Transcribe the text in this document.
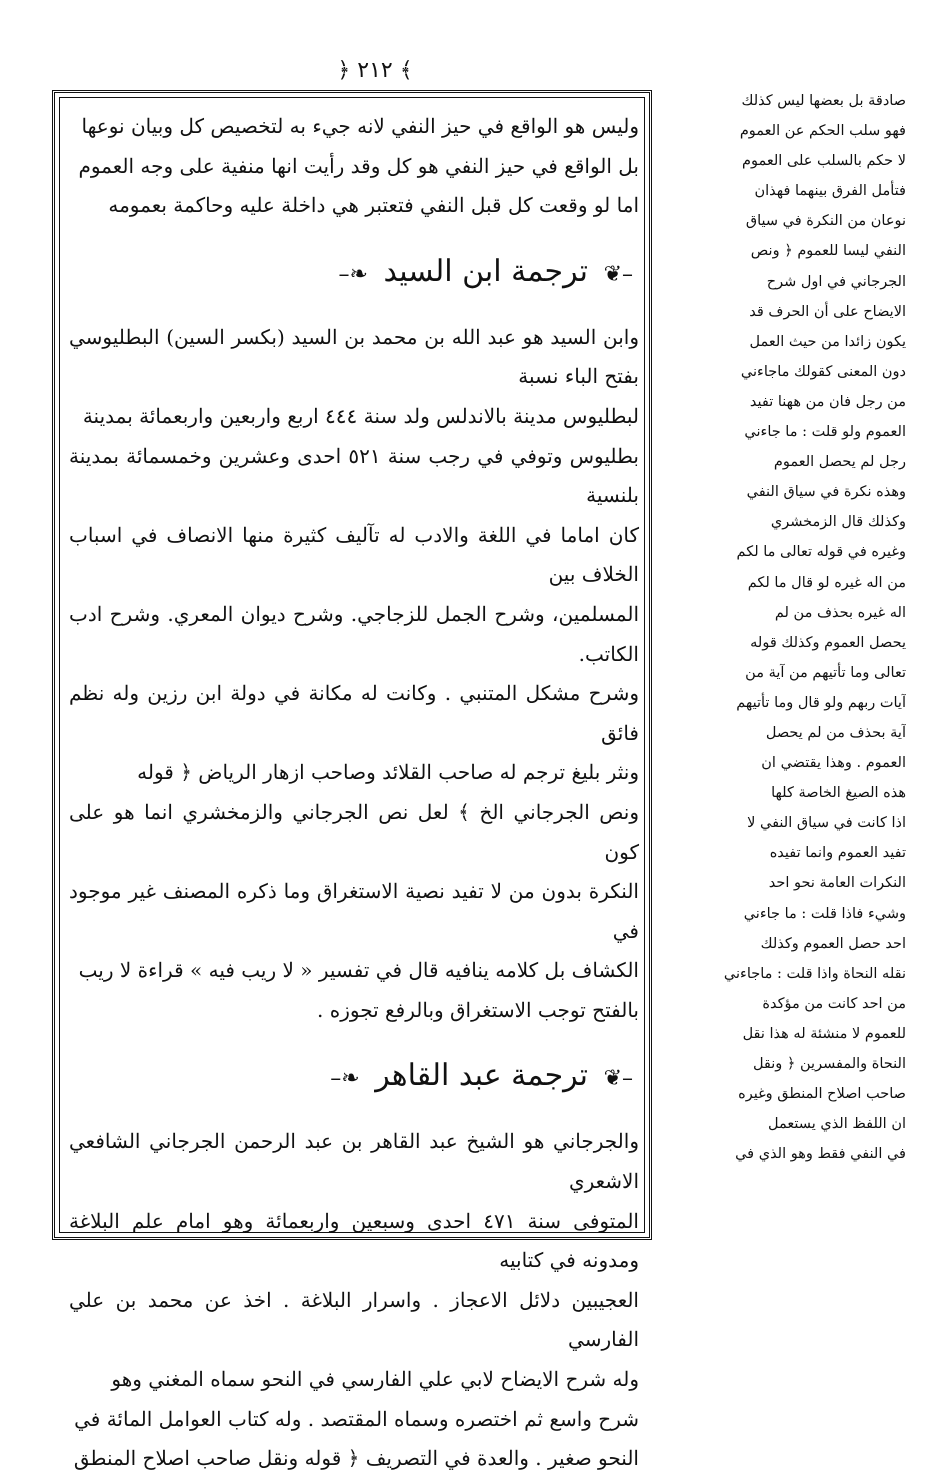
﴾ ٢١٢ ﴿

وليس هو الواقع في حيز النفي لانه جيء به لتخصيص كل وبيان نوعها

بل الواقع في حيز النفي هو كل وقد رأيت انها منفية على وجه العموم

اما لو وقعت كل قبل النفي فتعتبر هي داخلة عليه وحاكمة بعمومه

–❦ ترجمة ابن السيد ❧–

وابن السيد هو عبد الله بن محمد بن السيد (بكسر السين) البطليوسي بفتح الباء نسبة

لبطليوس مدينة بالاندلس ولد سنة ٤٤٤ اربع واربعين واربعمائة بمدينة

بطليوس وتوفي في رجب سنة ٥٢١ احدى وعشرين وخمسمائة بمدينة بلنسية

كان اماما في اللغة والادب له تآليف كثيرة منها الانصاف في اسباب الخلاف بين

المسلمين، وشرح الجمل للزجاجي. وشرح ديوان المعري. وشرح ادب الكاتب.

وشرح مشكل المتنبي . وكانت له مكانة في دولة ابن رزين وله نظم فائق

ونثر بليغ ترجم له صاحب القلائد وصاحب ازهار الرياض ﴿ قوله

ونص الجرجاني الخ ﴾ لعل نص الجرجاني والزمخشري انما هو على كون

النكرة بدون من لا تفيد نصية الاستغراق وما ذكره المصنف غير موجود في

الكشاف بل كلامه ينافيه قال في تفسير « لا ريب فيه » قراءة لا ريب

بالفتح توجب الاستغراق وبالرفع تجوزه .

–❦ ترجمة عبد القاهر ❧–

والجرجاني هو الشيخ عبد القاهر بن عبد الرحمن الجرجاني الشافعي الاشعري

المتوفى سنة ٤٧١ احدى وسبعين واربعمائة وهو امام علم البلاغة ومدونه في كتابيه

العجيبين دلائل الاعجاز . واسرار البلاغة . اخذ عن محمد بن علي الفارسي

وله شرح الايضاح لابي علي الفارسي في النحو سماه المغني وهو

شرح واسع ثم اختصره وسماه المقتصد . وله كتاب العوامل المائة في

النحو صغير . والعدة في التصريف ﴿ قوله ونقل صاحب اصلاح المنطق

صادقة بل بعضها ليس كذلك
فهو سلب الحكم عن العموم
لا حكم بالسلب على العموم
فتأمل الفرق بينهما فهذان
نوعان من النكرة في سياق
النفي ليسا للعموم ﴿ ونص
الجرجاني في اول شرح
الايضاح على أن الحرف قد
يكون زائدا من حيث العمل
دون المعنى كقولك ماجاءني
من رجل فان من ههنا تفيد
العموم ولو قلت : ما جاءني
رجل لم يحصل العموم
وهذه نكرة في سياق النفي
وكذلك قال الزمخشري
وغيره في قوله تعالى ما لكم
من اله غيره لو قال ما لكم
اله غيره بحذف من لم
يحصل العموم وكذلك قوله
تعالى وما تأتيهم من آية من
آيات ربهم ولو قال وما تأتيهم
آية بحذف من لم يحصل
العموم . وهذا يقتضي ان
هذه الصيغ الخاصة كلها
اذا كانت في سياق النفي لا
تفيد العموم وانما تفيده
النكرات العامة نحو احد
وشيء فاذا قلت : ما جاءني
احد حصل العموم وكذلك
نقله النحاة واذا قلت : ماجاءني
من احد كانت من مؤكدة
للعموم لا منشئة له هذا نقل
النحاة والمفسرين ﴿ ونقل
صاحب اصلاح المنطق وغيره
ان اللفظ الذي يستعمل
في النفي فقط وهو الذي في
